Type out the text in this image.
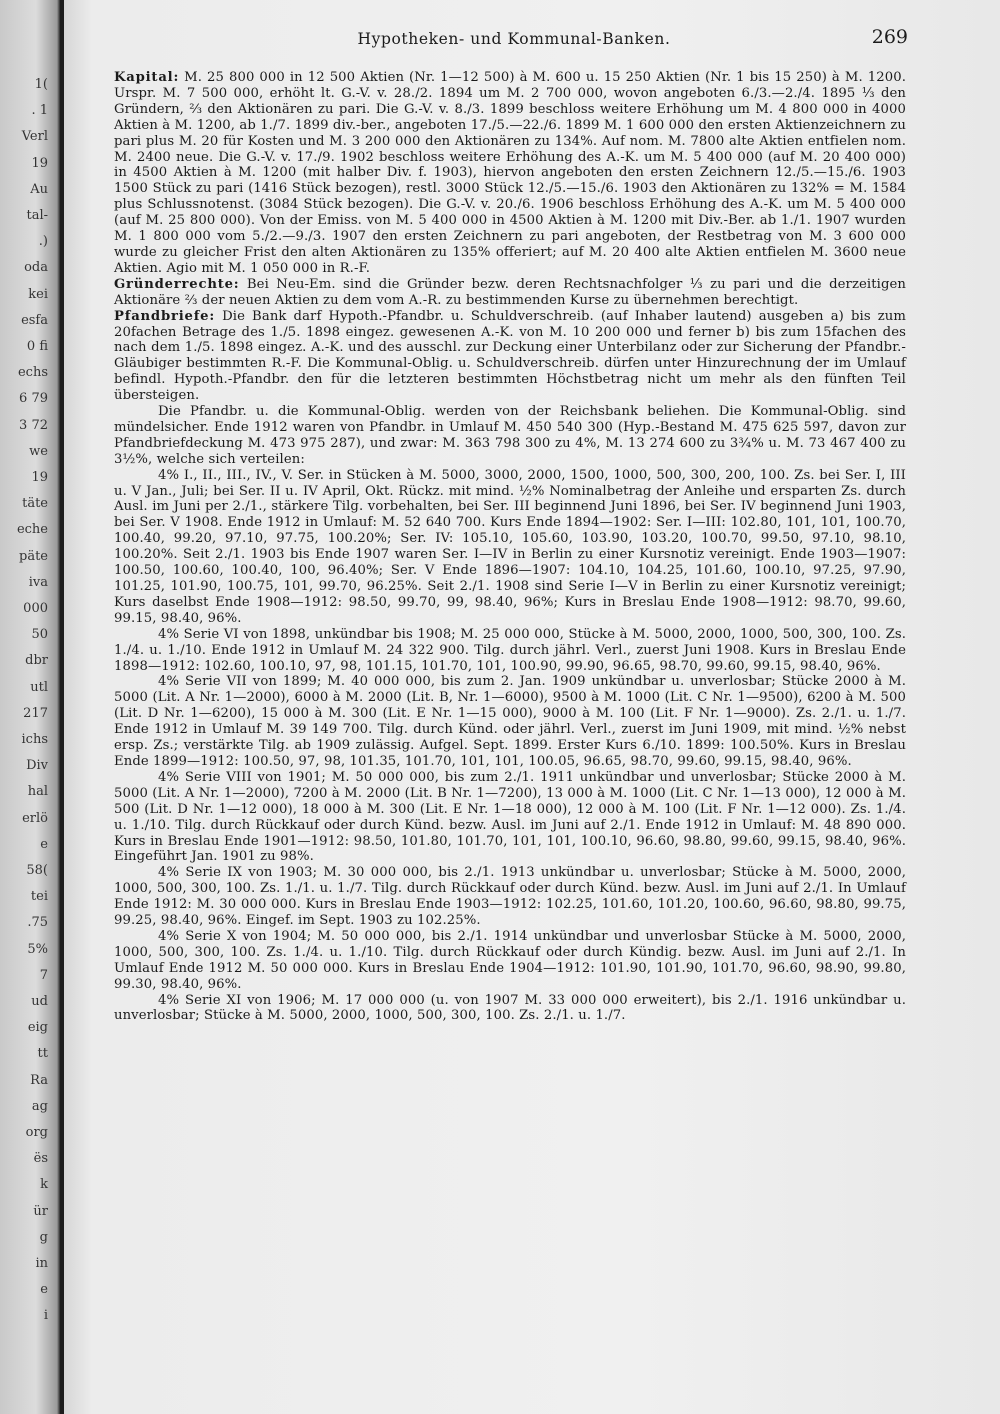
1(
. 1
Verl
19
Au
tal-
.)
oda
kei
esfa
0 fi
echs
6 79
3 72
we
19
täte
eche
päte
iva
000
50
dbr
utl
217
ichs
Div
hal
erlö
e
58(
tei
.75
5%
7
ud
eig
tt
Ra
ag
org
ës
k
ür
g
in
e
i
Hypotheken- und Kommunal-Banken.	269

Kapital: M. 25 800 000 in 12 500 Aktien (Nr. 1—12 500) à M. 600 u. 15 250 Aktien (Nr. 1 bis 15 250) à M. 1200. Urspr. M. 7 500 000, erhöht lt. G.-V. v. 28./2. 1894 um M. 2 700 000, wovon angeboten 6./3.—2./4. 1895 ⅓ den Gründern, ⅔ den Aktionären zu pari. Die G.-V. v. 8./3. 1899 beschloss weitere Erhöhung um M. 4 800 000 in 4000 Aktien à M. 1200, ab 1./7. 1899 div.-ber., angeboten 17./5.—22./6. 1899 M. 1 600 000 den ersten Aktienzeichnern zu pari plus M. 20 für Kosten und M. 3 200 000 den Aktionären zu 134%. Auf nom. M. 7800 alte Aktien entfielen nom. M. 2400 neue. Die G.-V. v. 17./9. 1902 beschloss weitere Erhöhung des A.-K. um M. 5 400 000 (auf M. 20 400 000) in 4500 Aktien à M. 1200 (mit halber Div. f. 1903), hiervon angeboten den ersten Zeichnern 12./5.—15./6. 1903 1500 Stück zu pari (1416 Stück bezogen), restl. 3000 Stück 12./5.—15./6. 1903 den Aktionären zu 132% = M. 1584 plus Schlussnotenst. (3084 Stück bezogen). Die G.-V. v. 20./6. 1906 beschloss Erhöhung des A.-K. um M. 5 400 000 (auf M. 25 800 000). Von der Emiss. von M. 5 400 000 in 4500 Aktien à M. 1200 mit Div.-Ber. ab 1./1. 1907 wurden M. 1 800 000 vom 5./2.—9./3. 1907 den ersten Zeichnern zu pari angeboten, der Restbetrag von M. 3 600 000 wurde zu gleicher Frist den alten Aktionären zu 135% offeriert; auf M. 20 400 alte Aktien entfielen M. 3600 neue Aktien. Agio mit M. 1 050 000 in R.-F.

Gründerrechte: Bei Neu-Em. sind die Gründer bezw. deren Rechtsnachfolger ⅓ zu pari und die derzeitigen Aktionäre ⅔ der neuen Aktien zu dem vom A.-R. zu bestimmenden Kurse zu übernehmen berechtigt.

Pfandbriefe: Die Bank darf Hypoth.-Pfandbr. u. Schuldverschreib. (auf Inhaber lautend) ausgeben a) bis zum 20fachen Betrage des 1./5. 1898 eingez. gewesenen A.-K. von M. 10 200 000 und ferner b) bis zum 15fachen des nach dem 1./5. 1898 eingez. A.-K. und des ausschl. zur Deckung einer Unterbilanz oder zur Sicherung der Pfandbr.-Gläubiger bestimmten R.-F. Die Kommunal-Oblig. u. Schuldverschreib. dürfen unter Hinzurechnung der im Umlauf befindl. Hypoth.-Pfandbr. den für die letzteren bestimmten Höchstbetrag nicht um mehr als den fünften Teil übersteigen.

Die Pfandbr. u. die Kommunal-Oblig. werden von der Reichsbank beliehen. Die Kommunal-Oblig. sind mündelsicher. Ende 1912 waren von Pfandbr. in Umlauf M. 450 540 300 (Hyp.-Bestand M. 475 625 597, davon zur Pfandbriefdeckung M. 473 975 287), und zwar: M. 363 798 300 zu 4%, M. 13 274 600 zu 3¾% u. M. 73 467 400 zu 3½%, welche sich verteilen:

4% I., II., III., IV., V. Ser. in Stücken à M. 5000, 3000, 2000, 1500, 1000, 500, 300, 200, 100. Zs. bei Ser. I, III u. V Jan., Juli; bei Ser. II u. IV April, Okt. Rückz. mit mind. ½% Nominalbetrag der Anleihe und ersparten Zs. durch Ausl. im Juni per 2./1., stärkere Tilg. vorbehalten, bei Ser. III beginnend Juni 1896, bei Ser. IV beginnend Juni 1903, bei Ser. V 1908. Ende 1912 in Umlauf: M. 52 640 700. Kurs Ende 1894—1902: Ser. I—III: 102.80, 101, 101, 100.70, 100.40, 99.20, 97.10, 97.75, 100.20%; Ser. IV: 105.10, 105.60, 103.90, 103.20, 100.70, 99.50, 97.10, 98.10, 100.20%. Seit 2./1. 1903 bis Ende 1907 waren Ser. I—IV in Berlin zu einer Kursnotiz vereinigt. Ende 1903—1907: 100.50, 100.60, 100.40, 100, 96.40%; Ser. V Ende 1896—1907: 104.10, 104.25, 101.60, 100.10, 97.25, 97.90, 101.25, 101.90, 100.75, 101, 99.70, 96.25%. Seit 2./1. 1908 sind Serie I—V in Berlin zu einer Kursnotiz vereinigt; Kurs daselbst Ende 1908—1912: 98.50, 99.70, 99, 98.40, 96%; Kurs in Breslau Ende 1908—1912: 98.70, 99.60, 99.15, 98.40, 96%.

4% Serie VI von 1898, unkündbar bis 1908; M. 25 000 000, Stücke à M. 5000, 2000, 1000, 500, 300, 100. Zs. 1./4. u. 1./10. Ende 1912 in Umlauf M. 24 322 900. Tilg. durch jährl. Verl., zuerst Juni 1908. Kurs in Breslau Ende 1898—1912: 102.60, 100.10, 97, 98, 101.15, 101.70, 101, 100.90, 99.90, 96.65, 98.70, 99.60, 99.15, 98.40, 96%.

4% Serie VII von 1899; M. 40 000 000, bis zum 2. Jan. 1909 unkündbar u. unverlosbar; Stücke 2000 à M. 5000 (Lit. A Nr. 1—2000), 6000 à M. 2000 (Lit. B, Nr. 1—6000), 9500 à M. 1000 (Lit. C Nr. 1—9500), 6200 à M. 500 (Lit. D Nr. 1—6200), 15 000 à M. 300 (Lit. E Nr. 1—15 000), 9000 à M. 100 (Lit. F Nr. 1—9000). Zs. 2./1. u. 1./7. Ende 1912 in Umlauf M. 39 149 700. Tilg. durch Künd. oder jährl. Verl., zuerst im Juni 1909, mit mind. ½% nebst ersp. Zs.; verstärkte Tilg. ab 1909 zulässig. Aufgel. Sept. 1899. Erster Kurs 6./10. 1899: 100.50%. Kurs in Breslau Ende 1899—1912: 100.50, 97, 98, 101.35, 101.70, 101, 101, 100.05, 96.65, 98.70, 99.60, 99.15, 98.40, 96%.

4% Serie VIII von 1901; M. 50 000 000, bis zum 2./1. 1911 unkündbar und unverlosbar; Stücke 2000 à M. 5000 (Lit. A Nr. 1—2000), 7200 à M. 2000 (Lit. B Nr. 1—7200), 13 000 à M. 1000 (Lit. C Nr. 1—13 000), 12 000 à M. 500 (Lit. D Nr. 1—12 000), 18 000 à M. 300 (Lit. E Nr. 1—18 000), 12 000 à M. 100 (Lit. F Nr. 1—12 000). Zs. 1./4. u. 1./10. Tilg. durch Rückkauf oder durch Künd. bezw. Ausl. im Juni auf 2./1. Ende 1912 in Umlauf: M. 48 890 000. Kurs in Breslau Ende 1901—1912: 98.50, 101.80, 101.70, 101, 101, 100.10, 96.60, 98.80, 99.60, 99.15, 98.40, 96%. Eingeführt Jan. 1901 zu 98%.

4% Serie IX von 1903; M. 30 000 000, bis 2./1. 1913 unkündbar u. unverlosbar; Stücke à M. 5000, 2000, 1000, 500, 300, 100. Zs. 1./1. u. 1./7. Tilg. durch Rückkauf oder durch Künd. bezw. Ausl. im Juni auf 2./1. In Umlauf Ende 1912: M. 30 000 000. Kurs in Breslau Ende 1903—1912: 102.25, 101.60, 101.20, 100.60, 96.60, 98.80, 99.75, 99.25, 98.40, 96%. Eingef. im Sept. 1903 zu 102.25%.

4% Serie X von 1904; M. 50 000 000, bis 2./1. 1914 unkündbar und unverlosbar Stücke à M. 5000, 2000, 1000, 500, 300, 100. Zs. 1./4. u. 1./10. Tilg. durch Rückkauf oder durch Kündig. bezw. Ausl. im Juni auf 2./1. In Umlauf Ende 1912 M. 50 000 000. Kurs in Breslau Ende 1904—1912: 101.90, 101.90, 101.70, 96.60, 98.90, 99.80, 99.30, 98.40, 96%.

4% Serie XI von 1906; M. 17 000 000 (u. von 1907 M. 33 000 000 erweitert), bis 2./1. 1916 unkündbar u. unverlosbar; Stücke à M. 5000, 2000, 1000, 500, 300, 100. Zs. 2./1. u. 1./7.
